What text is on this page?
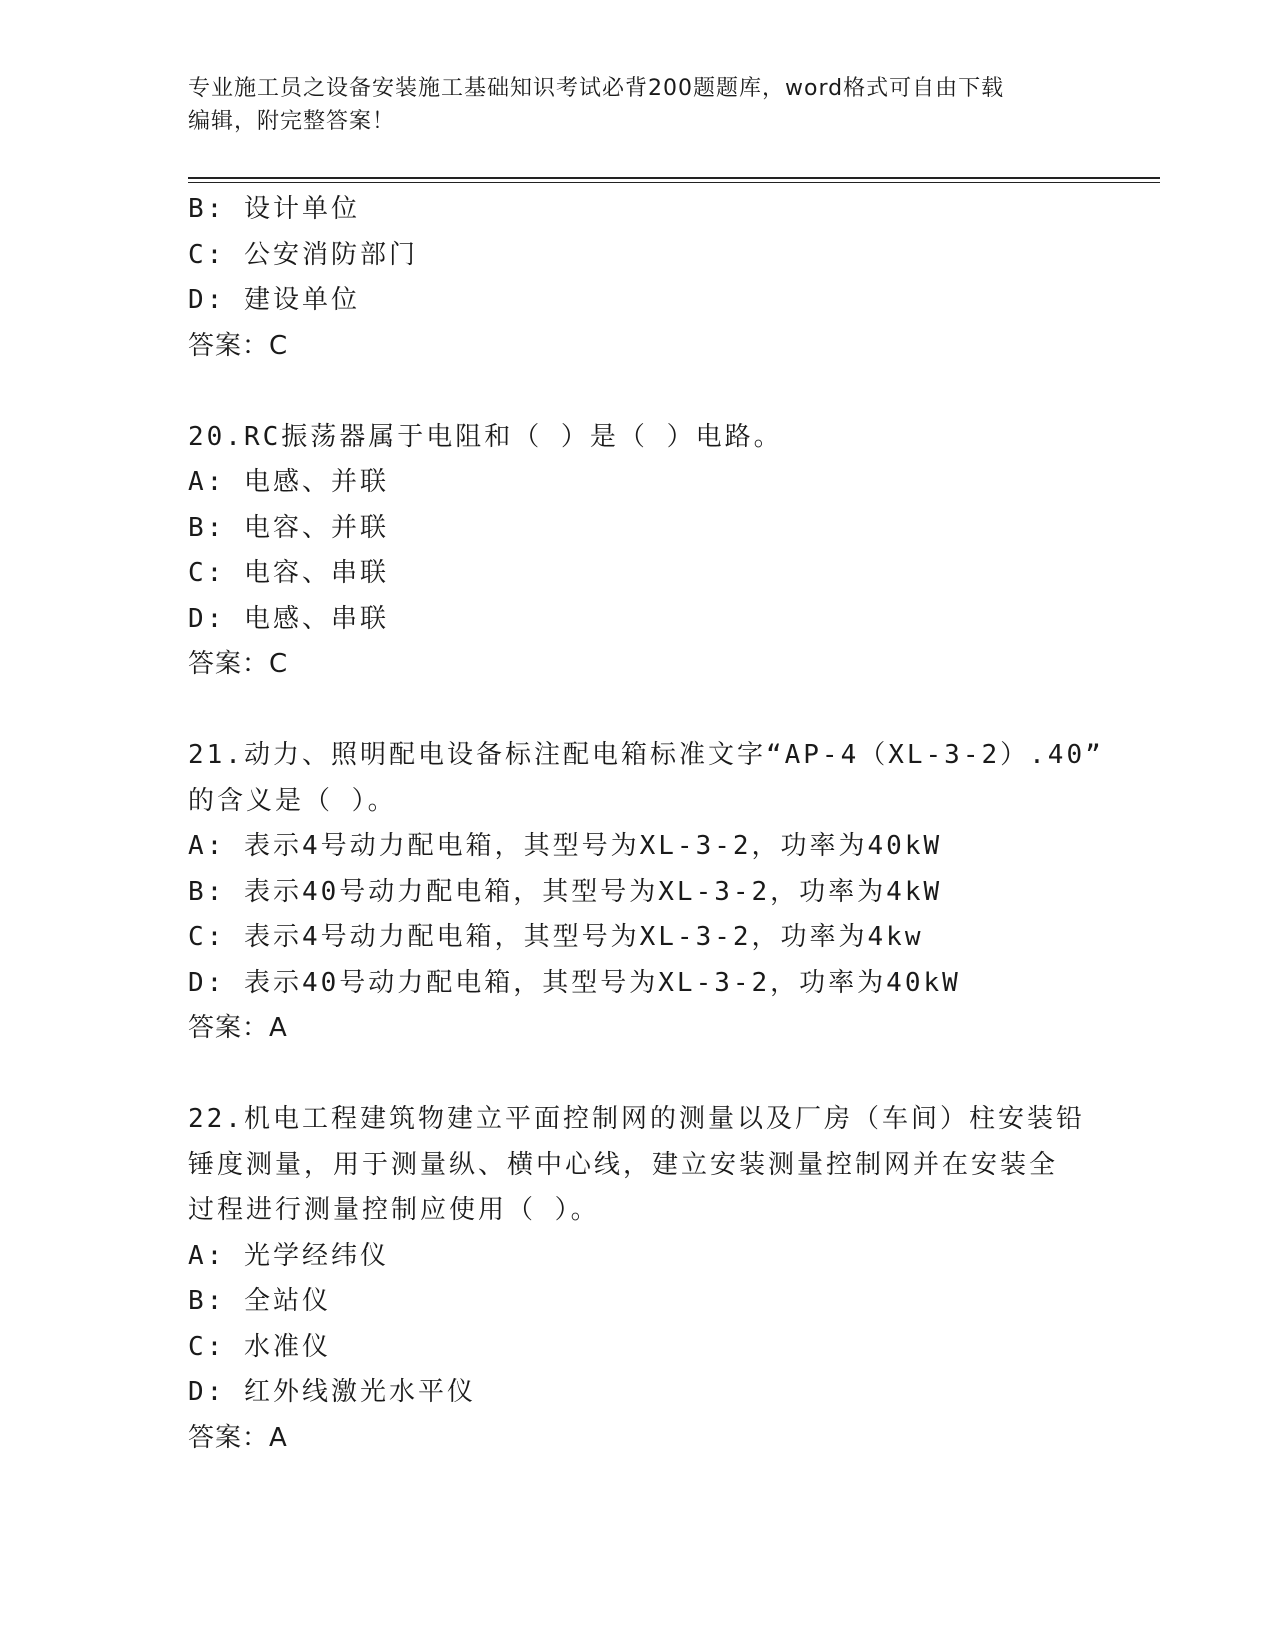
专业施工员之设备安装施工基础知识考试必背200题题库，word格式可自由下载
编辑，附完整答案！
B: 设计单位
C: 公安消防部门
D: 建设单位
答案：C
20.RC振荡器属于电阻和（ ）是（ ）电路。
A: 电感、并联
B: 电容、并联
C: 电容、串联
D: 电感、串联
答案：C
21.动力、照明配电设备标注配电箱标准文字“AP-4（XL-3-2）.40”
的含义是（ ）。
A: 表示4号动力配电箱，其型号为XL-3-2，功率为40kW
B: 表示40号动力配电箱，其型号为XL-3-2，功率为4kW
C: 表示4号动力配电箱，其型号为XL-3-2，功率为4kw
D: 表示40号动力配电箱，其型号为XL-3-2，功率为40kW
答案：A
22.机电工程建筑物建立平面控制网的测量以及厂房（车间）柱安装铅
锤度测量，用于测量纵、横中心线，建立安装测量控制网并在安装全
过程进行测量控制应使用（ ）。
A: 光学经纬仪
B: 全站仪
C: 水准仪
D: 红外线激光水平仪
答案：A
